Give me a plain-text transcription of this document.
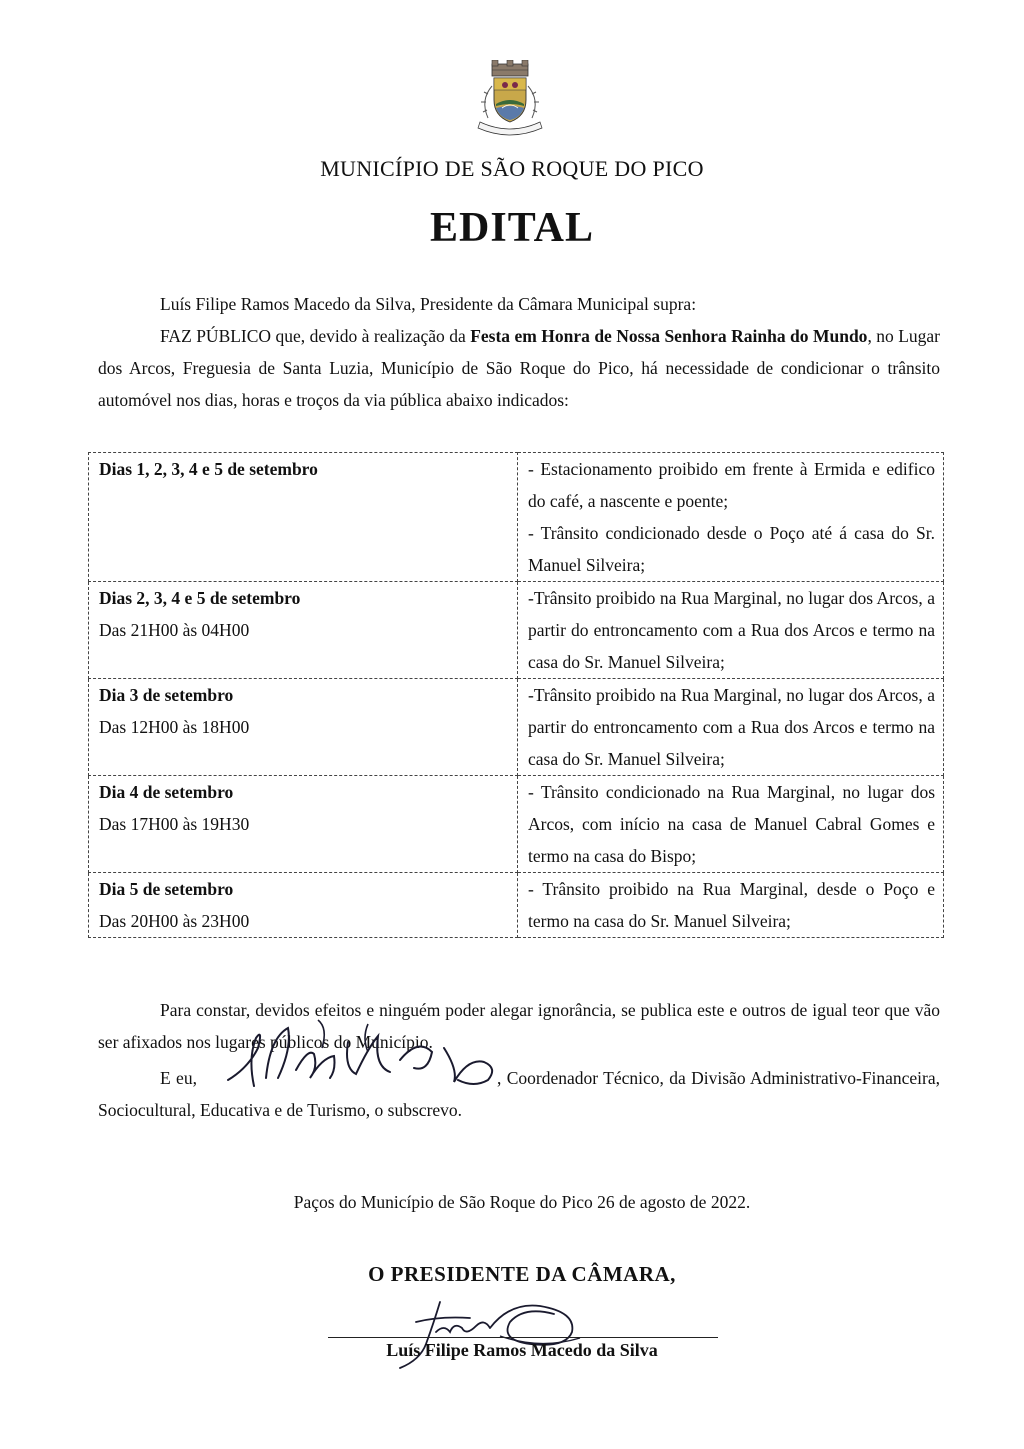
MUNICÍPIO DE SÃO ROQUE DO PICO
EDITAL
Luís Filipe Ramos Macedo da Silva, Presidente da Câmara Municipal supra:
FAZ PÚBLICO que, devido à realização da Festa em Honra de Nossa Senhora Rainha do Mundo, no Lugar dos Arcos, Freguesia de Santa Luzia, Município de São Roque do Pico, há necessidade de condicionar o trânsito automóvel nos dias, horas e troços da via pública abaixo indicados:
Dias 1, 2, 3, 4 e 5 de setembro	- Estacionamento proibido em frente à Ermida e edifico do café, a nascente e poente;
- Trânsito condicionado desde o Poço até á casa do Sr. Manuel Silveira;

Dias 2, 3, 4 e 5 de setembro
Das 21H00 às 04H00	-Trânsito proibido na Rua Marginal, no lugar dos Arcos, a partir do entroncamento com a Rua dos Arcos e termo na casa do Sr. Manuel Silveira;

Dia 3 de setembro
Das 12H00 às 18H00	-Trânsito proibido na Rua Marginal, no lugar dos Arcos, a partir do entroncamento com a Rua dos Arcos e termo na casa do Sr. Manuel Silveira;

Dia 4 de setembro
Das 17H00 às 19H30	- Trânsito condicionado na Rua Marginal, no lugar dos Arcos, com início na casa de Manuel Cabral Gomes e termo na casa do Bispo;

Dia 5 de setembro
Das 20H00 às 23H00	- Trânsito proibido na Rua Marginal, desde o Poço e termo na casa do Sr. Manuel Silveira;
Para constar, devidos efeitos e ninguém poder alegar ignorância, se publica este e outros de igual teor que vão ser afixados nos lugares públicos do Município.
E eu,	, Coordenador Técnico, da Divisão Administrativo-Financeira, Sociocultural, Educativa e de Turismo, o subscrevo.
Paços do Município de São Roque do Pico 26 de agosto de 2022.
O PRESIDENTE DA CÂMARA,
Luís Filipe Ramos Macedo da Silva
